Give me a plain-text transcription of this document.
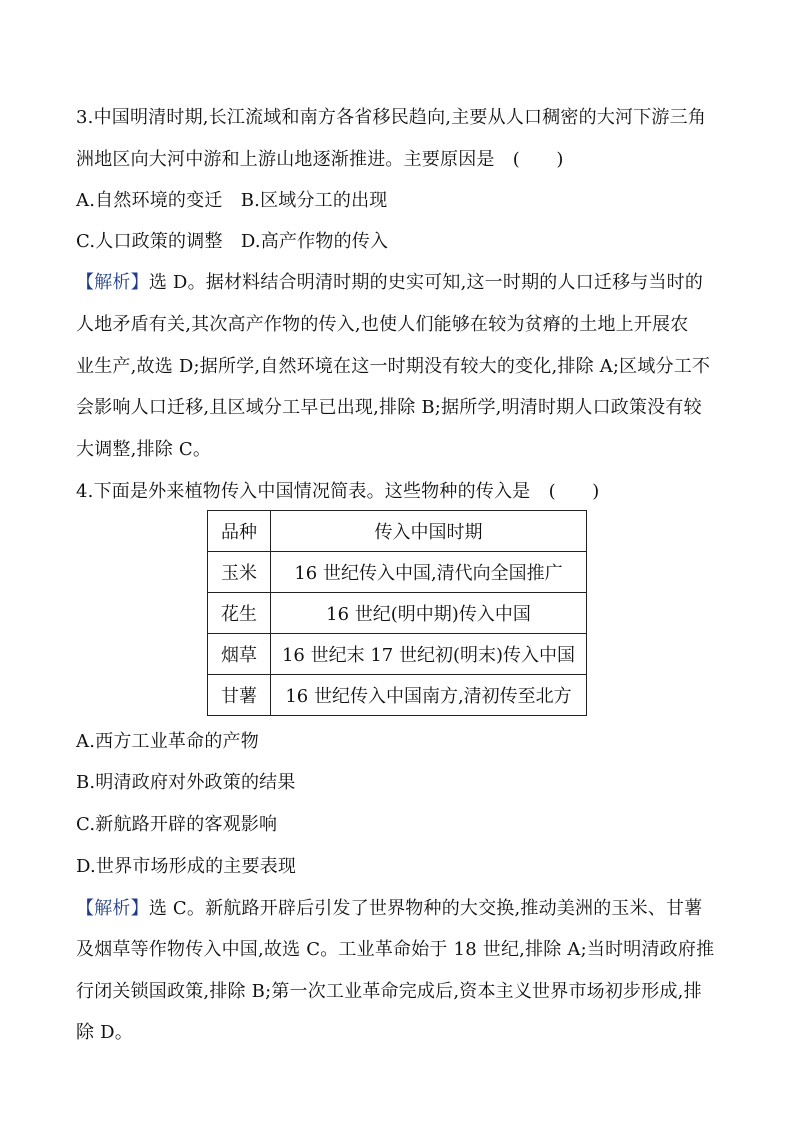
3.中国明清时期,长江流域和南方各省移民趋向,主要从人口稠密的大河下游三角
洲地区向大河中游和上游山地逐渐推进。主要原因是　(　　)
A.自然环境的变迁　B.区域分工的出现
C.人口政策的调整　D.高产作物的传入
【解析】选 D。据材料结合明清时期的史实可知,这一时期的人口迁移与当时的
人地矛盾有关,其次高产作物的传入,也使人们能够在较为贫瘠的土地上开展农
业生产,故选 D;据所学,自然环境在这一时期没有较大的变化,排除 A;区域分工不
会影响人口迁移,且区域分工早已出现,排除 B;据所学,明清时期人口政策没有较
大调整,排除 C。
4.下面是外来植物传入中国情况简表。这些物种的传入是　(　　)
品种	传入中国时期
玉米	16 世纪传入中国,清代向全国推广
花生	16 世纪(明中期)传入中国
烟草	16 世纪末 17 世纪初(明末)传入中国
甘薯	16 世纪传入中国南方,清初传至北方
A.西方工业革命的产物
B.明清政府对外政策的结果
C.新航路开辟的客观影响
D.世界市场形成的主要表现
【解析】选 C。新航路开辟后引发了世界物种的大交换,推动美洲的玉米、甘薯
及烟草等作物传入中国,故选 C。工业革命始于 18 世纪,排除 A;当时明清政府推
行闭关锁国政策,排除 B;第一次工业革命完成后,资本主义世界市场初步形成,排
除 D。
